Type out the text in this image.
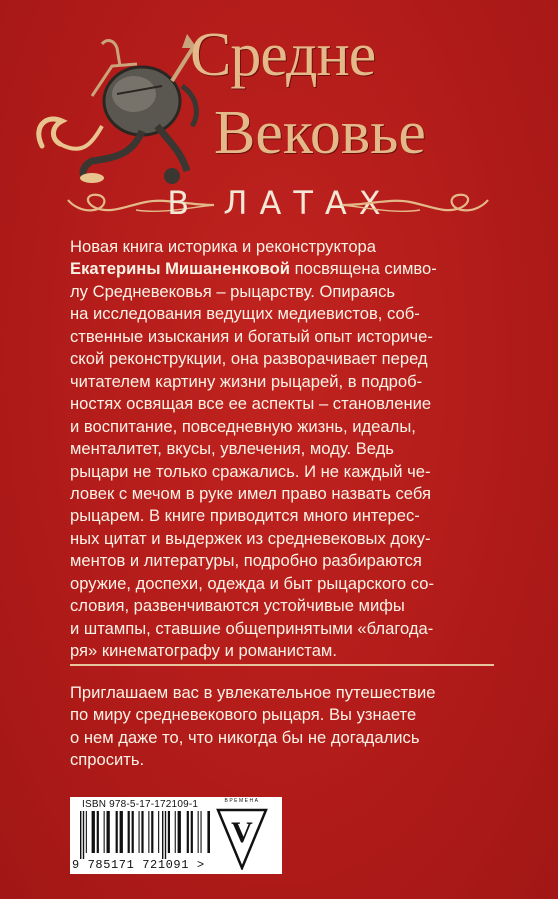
Средне
Вековье
В ЛАТАХ
Новая книга историка и реконструктора
Екатерины Мишаненковой посвящена симво-
лу Средневековья – рыцарству. Опираясь
на исследования ведущих медиевистов, соб-
ственные изыскания и богатый опыт историче-
ской реконструкции, она разворачивает перед
читателем картину жизни рыцарей, в подроб-
ностях освящая все ее аспекты – становление
и воспитание, повседневную жизнь, идеалы,
менталитет, вкусы, увлечения, моду. Ведь
рыцари не только сражались. И не каждый че-
ловек с мечом в руке имел право назвать себя
рыцарем. В книге приводится много интерес-
ных цитат и выдержек из средневековых доку-
ментов и литературы, подробно разбираются
оружие, доспехи, одежда и быт рыцарского со-
словия, развенчиваются устойчивые мифы
и штампы, ставшие общепринятыми «благода-
ря» кинематографу и романистам.
Приглашаем вас в увлекательное путешествие
по миру средневекового рыцаря. Вы узнаете
о нем даже то, что никогда бы не догадались
спросить.
ISBN 978-5-17-172109-1
9 785171 721091 >
ВРЕМЕНА
V
